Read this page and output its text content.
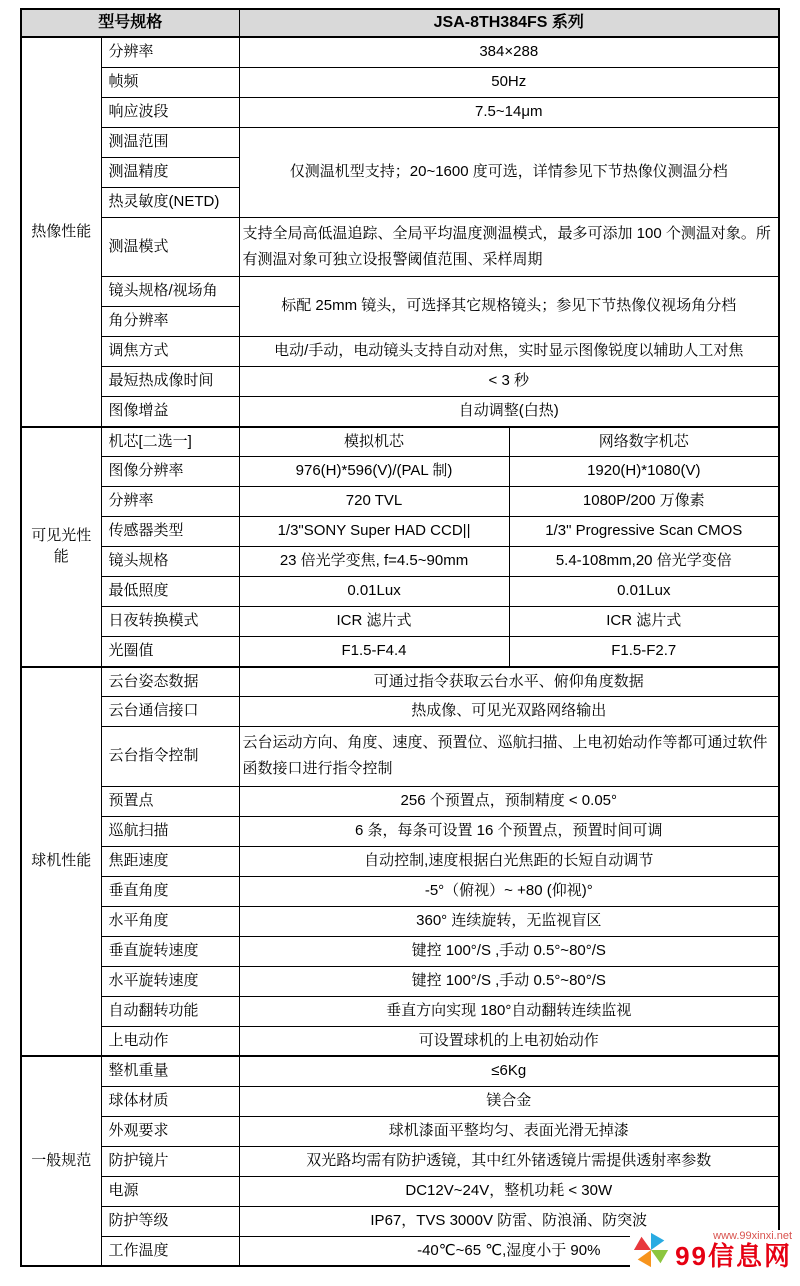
型号规格		JSA-8TH384FS 系列	
热像性能	分辨率	384×288	
	帧频	50Hz	
	响应波段	7.5~14μm	
	测温范围	仅测温机型支持；20~1600 度可选，详情参见下节热像仪测温分档	
	测温精度		
	热灵敏度(NETD)		
	测温模式	支持全局高低温追踪、全局平均温度测温模式，最多可添加 100 个测温对象。所有测温对象可独立设报警阈值范围、采样周期	
	镜头规格/视场角	标配 25mm 镜头，可选择其它规格镜头；参见下节热像仪视场角分档	
	角分辨率		
	调焦方式	电动/手动，电动镜头支持自动对焦，实时显示图像锐度以辅助人工对焦	
	最短热成像时间	< 3 秒	
	图像增益	自动调整(白热)	
可见光性能	机芯[二选一]	模拟机芯	网络数字机芯
	图像分辨率	976(H)*596(V)/(PAL 制)	1920(H)*1080(V)
	分辨率	720 TVL	1080P/200 万像素
	传感器类型	1/3"SONY Super HAD CCD||	1/3" Progressive Scan CMOS
	镜头规格	23 倍光学变焦, f=4.5~90mm	5.4-108mm,20 倍光学变倍
	最低照度	0.01Lux	0.01Lux
	日夜转换模式	ICR 滤片式	ICR 滤片式
	光圈值	F1.5-F4.4	F1.5-F2.7
球机性能	云台姿态数据	可通过指令获取云台水平、俯仰角度数据	
	云台通信接口	热成像、可见光双路网络输出	
	云台指令控制	云台运动方向、角度、速度、预置位、巡航扫描、上电初始动作等都可通过软件函数接口进行指令控制	
	预置点	256 个预置点，预制精度 < 0.05°	
	巡航扫描	6 条，每条可设置 16 个预置点，预置时间可调	
	焦距速度	自动控制,速度根据白光焦距的长短自动调节	
	垂直角度	-5°（俯视）~ +80 (仰视)°	
	水平角度	360° 连续旋转，无监视盲区	
	垂直旋转速度	键控 100°/S ,手动 0.5°~80°/S	
	水平旋转速度	键控 100°/S ,手动 0.5°~80°/S	
	自动翻转功能	垂直方向实现 180°自动翻转连续监视	
	上电动作	可设置球机的上电初始动作	
一般规范	整机重量	≤6Kg	
	球体材质	镁合金	
	外观要求	球机漆面平整均匀、表面光滑无掉漆	
	防护镜片	双光路均需有防护透镜，其中红外锗透镜片需提供透射率参数	
	电源	DC12V~24V，整机功耗 < 30W	
	防护等级	IP67，TVS 3000V 防雷、防浪涌、防突波	
	工作温度	-40℃~65 ℃,湿度小于 90%	
www.99xinxi.net
99信息网
